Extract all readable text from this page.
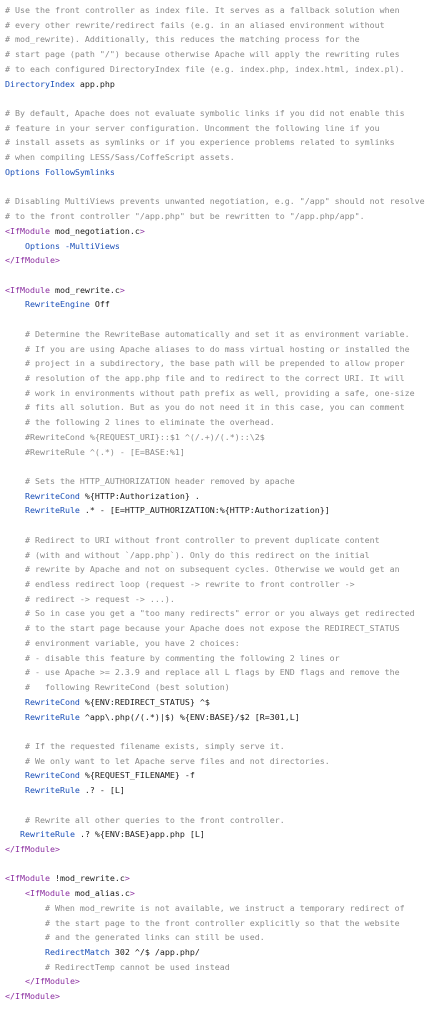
# Use the front controller as index file. It serves as a fallback solution when
# every other rewrite/redirect fails (e.g. in an aliased environment without
# mod_rewrite). Additionally, this reduces the matching process for the
# start page (path "/") because otherwise Apache will apply the rewriting rules
# to each configured DirectoryIndex file (e.g. index.php, index.html, index.pl).
DirectoryIndex app.php
# By default, Apache does not evaluate symbolic links if you did not enable this
# feature in your server configuration. Uncomment the following line if you
# install assets as symlinks or if you experience problems related to symlinks
# when compiling LESS/Sass/CoffeScript assets.
Options FollowSymlinks
# Disabling MultiViews prevents unwanted negotiation, e.g. "/app" should not resolve
# to the front controller "/app.php" but be rewritten to "/app.php/app".
<IfModule mod_negotiation.c>
Options -MultiViews
</IfModule>
<IfModule mod_rewrite.c>
RewriteEngine Off
# Determine the RewriteBase automatically and set it as environment variable.
# If you are using Apache aliases to do mass virtual hosting or installed the
# project in a subdirectory, the base path will be prepended to allow proper
# resolution of the app.php file and to redirect to the correct URI. It will
# work in environments without path prefix as well, providing a safe, one-size
# fits all solution. But as you do not need it in this case, you can comment
# the following 2 lines to eliminate the overhead.
#RewriteCond %{REQUEST_URI}::$1 ^(/.+)/(.*)::\2$
#RewriteRule ^(.*) - [E=BASE:%1]
# Sets the HTTP_AUTHORIZATION header removed by apache
RewriteCond %{HTTP:Authorization} .
RewriteRule .* - [E=HTTP_AUTHORIZATION:%{HTTP:Authorization}]
# Redirect to URI without front controller to prevent duplicate content
# (with and without `/app.php`). Only do this redirect on the initial
# rewrite by Apache and not on subsequent cycles. Otherwise we would get an
# endless redirect loop (request -> rewrite to front controller ->
# redirect -> request -> ...).
# So in case you get a "too many redirects" error or you always get redirected
# to the start page because your Apache does not expose the REDIRECT_STATUS
# environment variable, you have 2 choices:
# - disable this feature by commenting the following 2 lines or
# - use Apache >= 2.3.9 and replace all L flags by END flags and remove the
#   following RewriteCond (best solution)
RewriteCond %{ENV:REDIRECT_STATUS} ^$
RewriteRule ^app\.php(/(.*)|$) %{ENV:BASE}/$2 [R=301,L]
# If the requested filename exists, simply serve it.
# We only want to let Apache serve files and not directories.
RewriteCond %{REQUEST_FILENAME} -f
RewriteRule .? - [L]
# Rewrite all other queries to the front controller.
RewriteRule .? %{ENV:BASE}app.php [L]
</IfModule>
<IfModule !mod_rewrite.c>
<IfModule mod_alias.c>
# When mod_rewrite is not available, we instruct a temporary redirect of
# the start page to the front controller explicitly so that the website
# and the generated links can still be used.
RedirectMatch 302 ^/$ /app.php/
# RedirectTemp cannot be used instead
</IfModule>
</IfModule>
